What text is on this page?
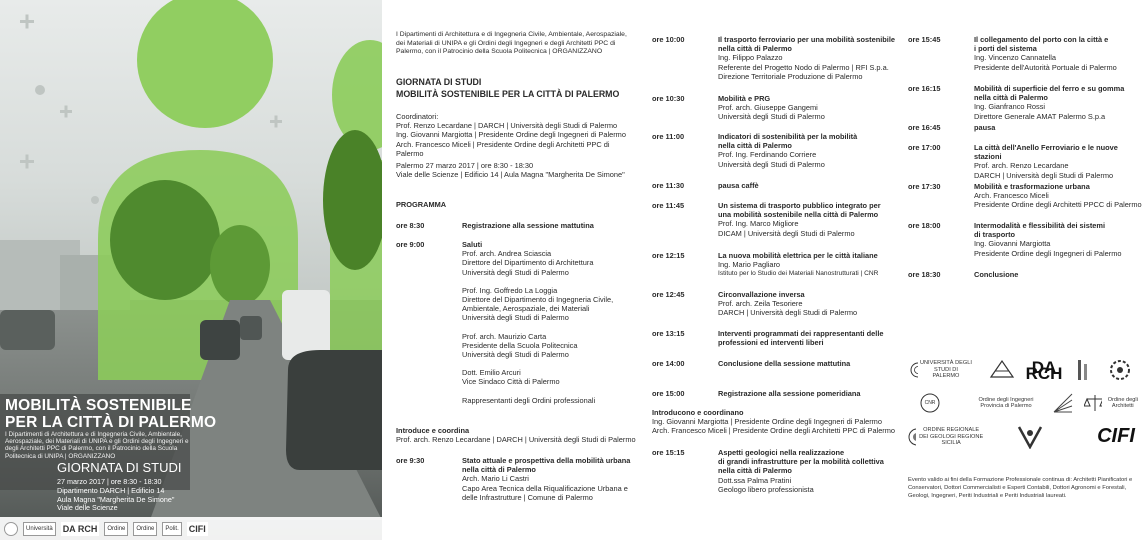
MOBILITÀ SOSTENIBILE
PER LA CITTÀ DI PALERMO
I Dipartimenti di Architettura e di Ingegneria Civile, Ambientale, Aerospaziale, dei Materiali di UNIPA e gli Ordini degli Ingegneri e degli Architetti PPC di Palermo, con il Patrocinio della Scuola Politecnica di UNIPA | ORGANIZZANO
GIORNATA DI STUDI
27 marzo 2017 | ore 8:30 - 18:30
Dipartimento DARCH | Edificio 14
Aula Magna "Margherita De Simone"
Viale delle Scienze
Università	DA RCH	Ordine	Ordine	Polit.	CIFI
I Dipartimenti di Architettura e di Ingegneria Civile, Ambientale, Aerospaziale, dei Materiali di UNIPA e gli Ordini degli Ingegneri e degli Architetti PPC di Palermo, con il Patrocinio della Scuola Politecnica | ORGANIZZANO
GIORNATA DI STUDI
MOBILITÀ SOSTENIBILE PER LA CITTÀ DI PALERMO
Coordinatori:
Prof. Renzo Lecardane | DARCH | Università degli Studi di Palermo
Ing. Giovanni Margiotta | Presidente Ordine degli Ingegneri di Palermo
Arch. Francesco Miceli | Presidente Ordine degli Architetti PPC di Palermo
Palermo 27 marzo 2017 | ore 8:30 - 18:30
Viale delle Scienze | Edificio 14 | Aula Magna "Margherita De Simone"
PROGRAMMA
ore 8:30	Registrazione alla sessione mattutina
ore 9:00	Saluti
Prof. arch. Andrea Sciascia
Direttore del Dipartimento di Architettura
Università degli Studi di Palermo
Prof. Ing. Goffredo La Loggia
Direttore del Dipartimento di Ingegneria Civile,
Ambientale, Aerospaziale, dei Materiali
Università degli Studi di Palermo
Prof. arch. Maurizio Carta
Presidente della Scuola Politecnica
Università degli Studi di Palermo
Dott. Emilio Arcuri
Vice Sindaco Città di Palermo
Rappresentanti degli Ordini professionali
Introduce e coordina
Prof. arch. Renzo Lecardane | DARCH | Università degli Studi di Palermo
ore 9:30	Stato attuale e prospettiva della mobilità urbana
nella città di Palermo
Arch. Mario Li Castri
Capo Area Tecnica della Riqualificazione Urbana e
delle Infrastrutture | Comune di Palermo
ore 10:00	Il trasporto ferroviario per una mobilità sostenibile
nella città di Palermo
Ing. Filippo Palazzo
Referente del Progetto Nodo di Palermo | RFI S.p.a.
Direzione Territoriale Produzione di Palermo
ore 10:30	Mobilità e PRG
Prof. arch. Giuseppe Gangemi
Università degli Studi di Palermo
ore 11:00	Indicatori di sostenibilità per la mobilità
nella città di Palermo
Prof. Ing. Ferdinando Corriere
Università degli Studi di Palermo
ore 11:30	pausa caffè
ore 11:45	Un sistema di trasporto pubblico integrato per
una mobilità sostenibile nella città di Palermo
Prof. Ing. Marco Migliore
DICAM | Università degli Studi di Palermo
ore 12:15	La nuova mobilità elettrica per le città italiane
Ing. Mario Pagliaro
Istituto per lo Studio dei Materiali Nanostrutturati | CNR
ore 12:45	Circonvallazione inversa
Prof. arch. Zeila Tesoriere
DARCH | Università degli Studi di Palermo
ore 13:15	Interventi programmati dei rappresentanti delle
professioni ed interventi liberi
ore 14:00	Conclusione della sessione mattutina
ore 15:00	Registrazione alla sessione pomeridiana
Introducono e coordinano
Ing. Giovanni Margiotta | Presidente Ordine degli Ingegneri di Palermo
Arch. Francesco Miceli | Presidente Ordine degli Architetti PPC di Palermo
ore 15:15	Aspetti geologici nella realizzazione
di grandi infrastrutture per la mobilità collettiva
nella città di Palermo
Dott.ssa Palma Pratini
Geologo libero professionista
ore 15:45	Il collegamento del porto con la città e
i porti del sistema
Ing. Vincenzo Cannatella
Presidente dell'Autorità Portuale di Palermo
ore 16:15	Mobilità di superficie del ferro e su gomma
nella città di Palermo
Ing. Gianfranco Rossi
Direttore Generale AMAT Palermo S.p.a
ore 16:45	pausa
ore 17:00	La città dell'Anello Ferroviario e le nuove stazioni
Prof. arch. Renzo Lecardane
DARCH | Università degli Studi di Palermo
ore 17:30	Mobilità e trasformazione urbana
Arch. Francesco Miceli
Presidente Ordine degli Architetti PPCC di Palermo
ore 18:00	Intermodalità e flessibilità dei sistemi
di trasporto
Ing. Giovanni Margiotta
Presidente Ordine degli Ingegneri di Palermo
ore 18:30	Conclusione
UNIVERSITÀ DEGLI STUDI DI PALERMO	DA RCH
CNR
Ordine degli Ingegneri Provincia di Palermo
Ordine degli Architetti
ORDINE REGIONALE DEI GEOLOGI REGIONE SICILIA	CIFI
Evento valido ai fini della Formazione Professionale continua di: Architetti Pianificatori e Conservatori, Dottori Commercialisti e Esperti Contabili, Dottori Agronomi e Forestali, Geologi, Ingegneri, Periti Industriali e Periti Industriali laureati.
